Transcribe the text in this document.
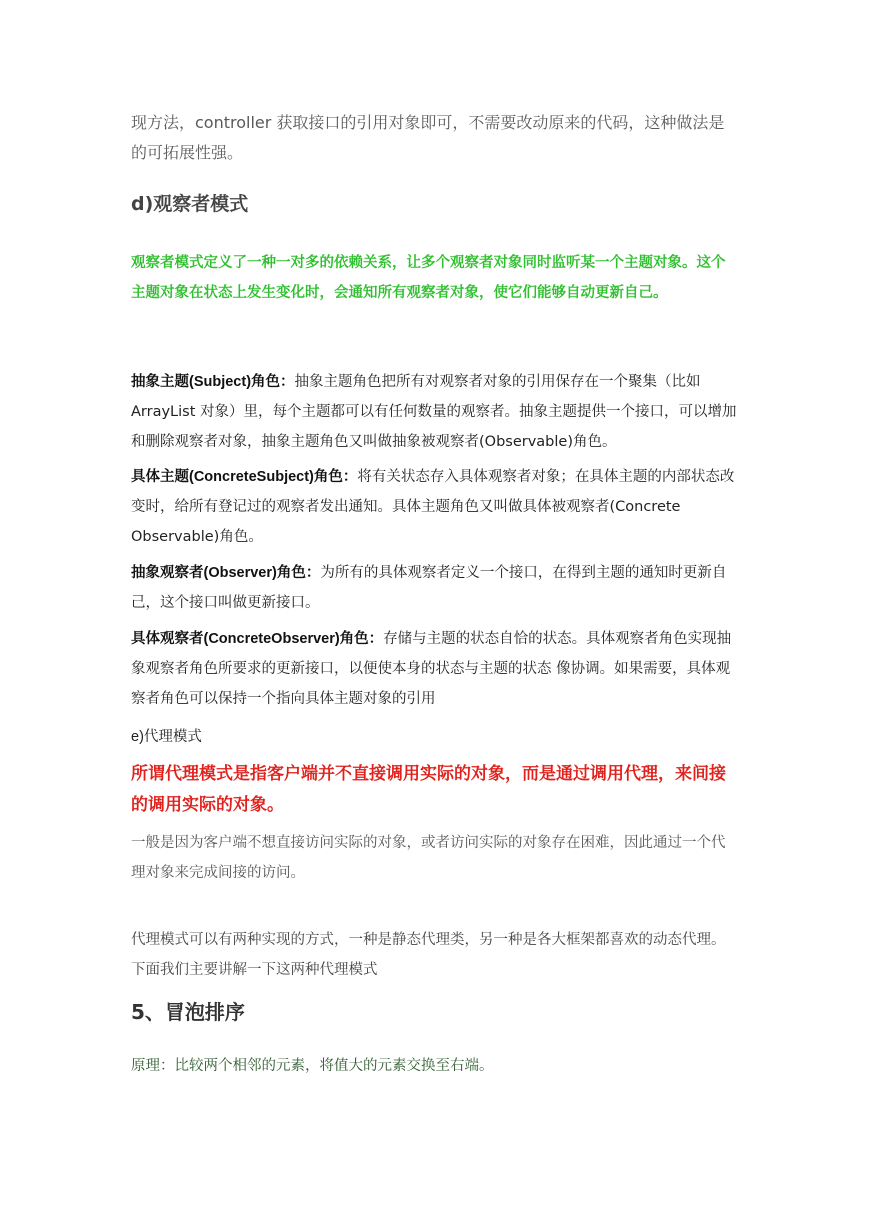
现方法，controller 获取接口的引用对象即可，不需要改动原来的代码，这种做法是的可拓展性强。

d)观察者模式

观察者模式定义了一种一对多的依赖关系，让多个观察者对象同时监听某一个主题对象。这个主题对象在状态上发生变化时，会通知所有观察者对象，使它们能够自动更新自己。

抽象主题(Subject)角色：抽象主题角色把所有对观察者对象的引用保存在一个聚集（比如 ArrayList 对象）里，每个主题都可以有任何数量的观察者。抽象主题提供一个接口，可以增加和删除观察者对象，抽象主题角色又叫做抽象被观察者(Observable)角色。

具体主题(ConcreteSubject)角色：将有关状态存入具体观察者对象；在具体主题的内部状态改变时，给所有登记过的观察者发出通知。具体主题角色又叫做具体被观察者(Concrete Observable)角色。

抽象观察者(Observer)角色：为所有的具体观察者定义一个接口，在得到主题的通知时更新自己，这个接口叫做更新接口。

具体观察者(ConcreteObserver)角色：存储与主题的状态自恰的状态。具体观察者角色实现抽象观察者角色所要求的更新接口，以便使本身的状态与主题的状态 像协调。如果需要，具体观察者角色可以保持一个指向具体主题对象的引用

e)代理模式

所谓代理模式是指客户端并不直接调用实际的对象，而是通过调用代理，来间接的调用实际的对象。

一般是因为客户端不想直接访问实际的对象，或者访问实际的对象存在困难，因此通过一个代理对象来完成间接的访问。

代理模式可以有两种实现的方式，一种是静态代理类，另一种是各大框架都喜欢的动态代理。下面我们主要讲解一下这两种代理模式

5、冒泡排序

原理：比较两个相邻的元素，将值大的元素交换至右端。
